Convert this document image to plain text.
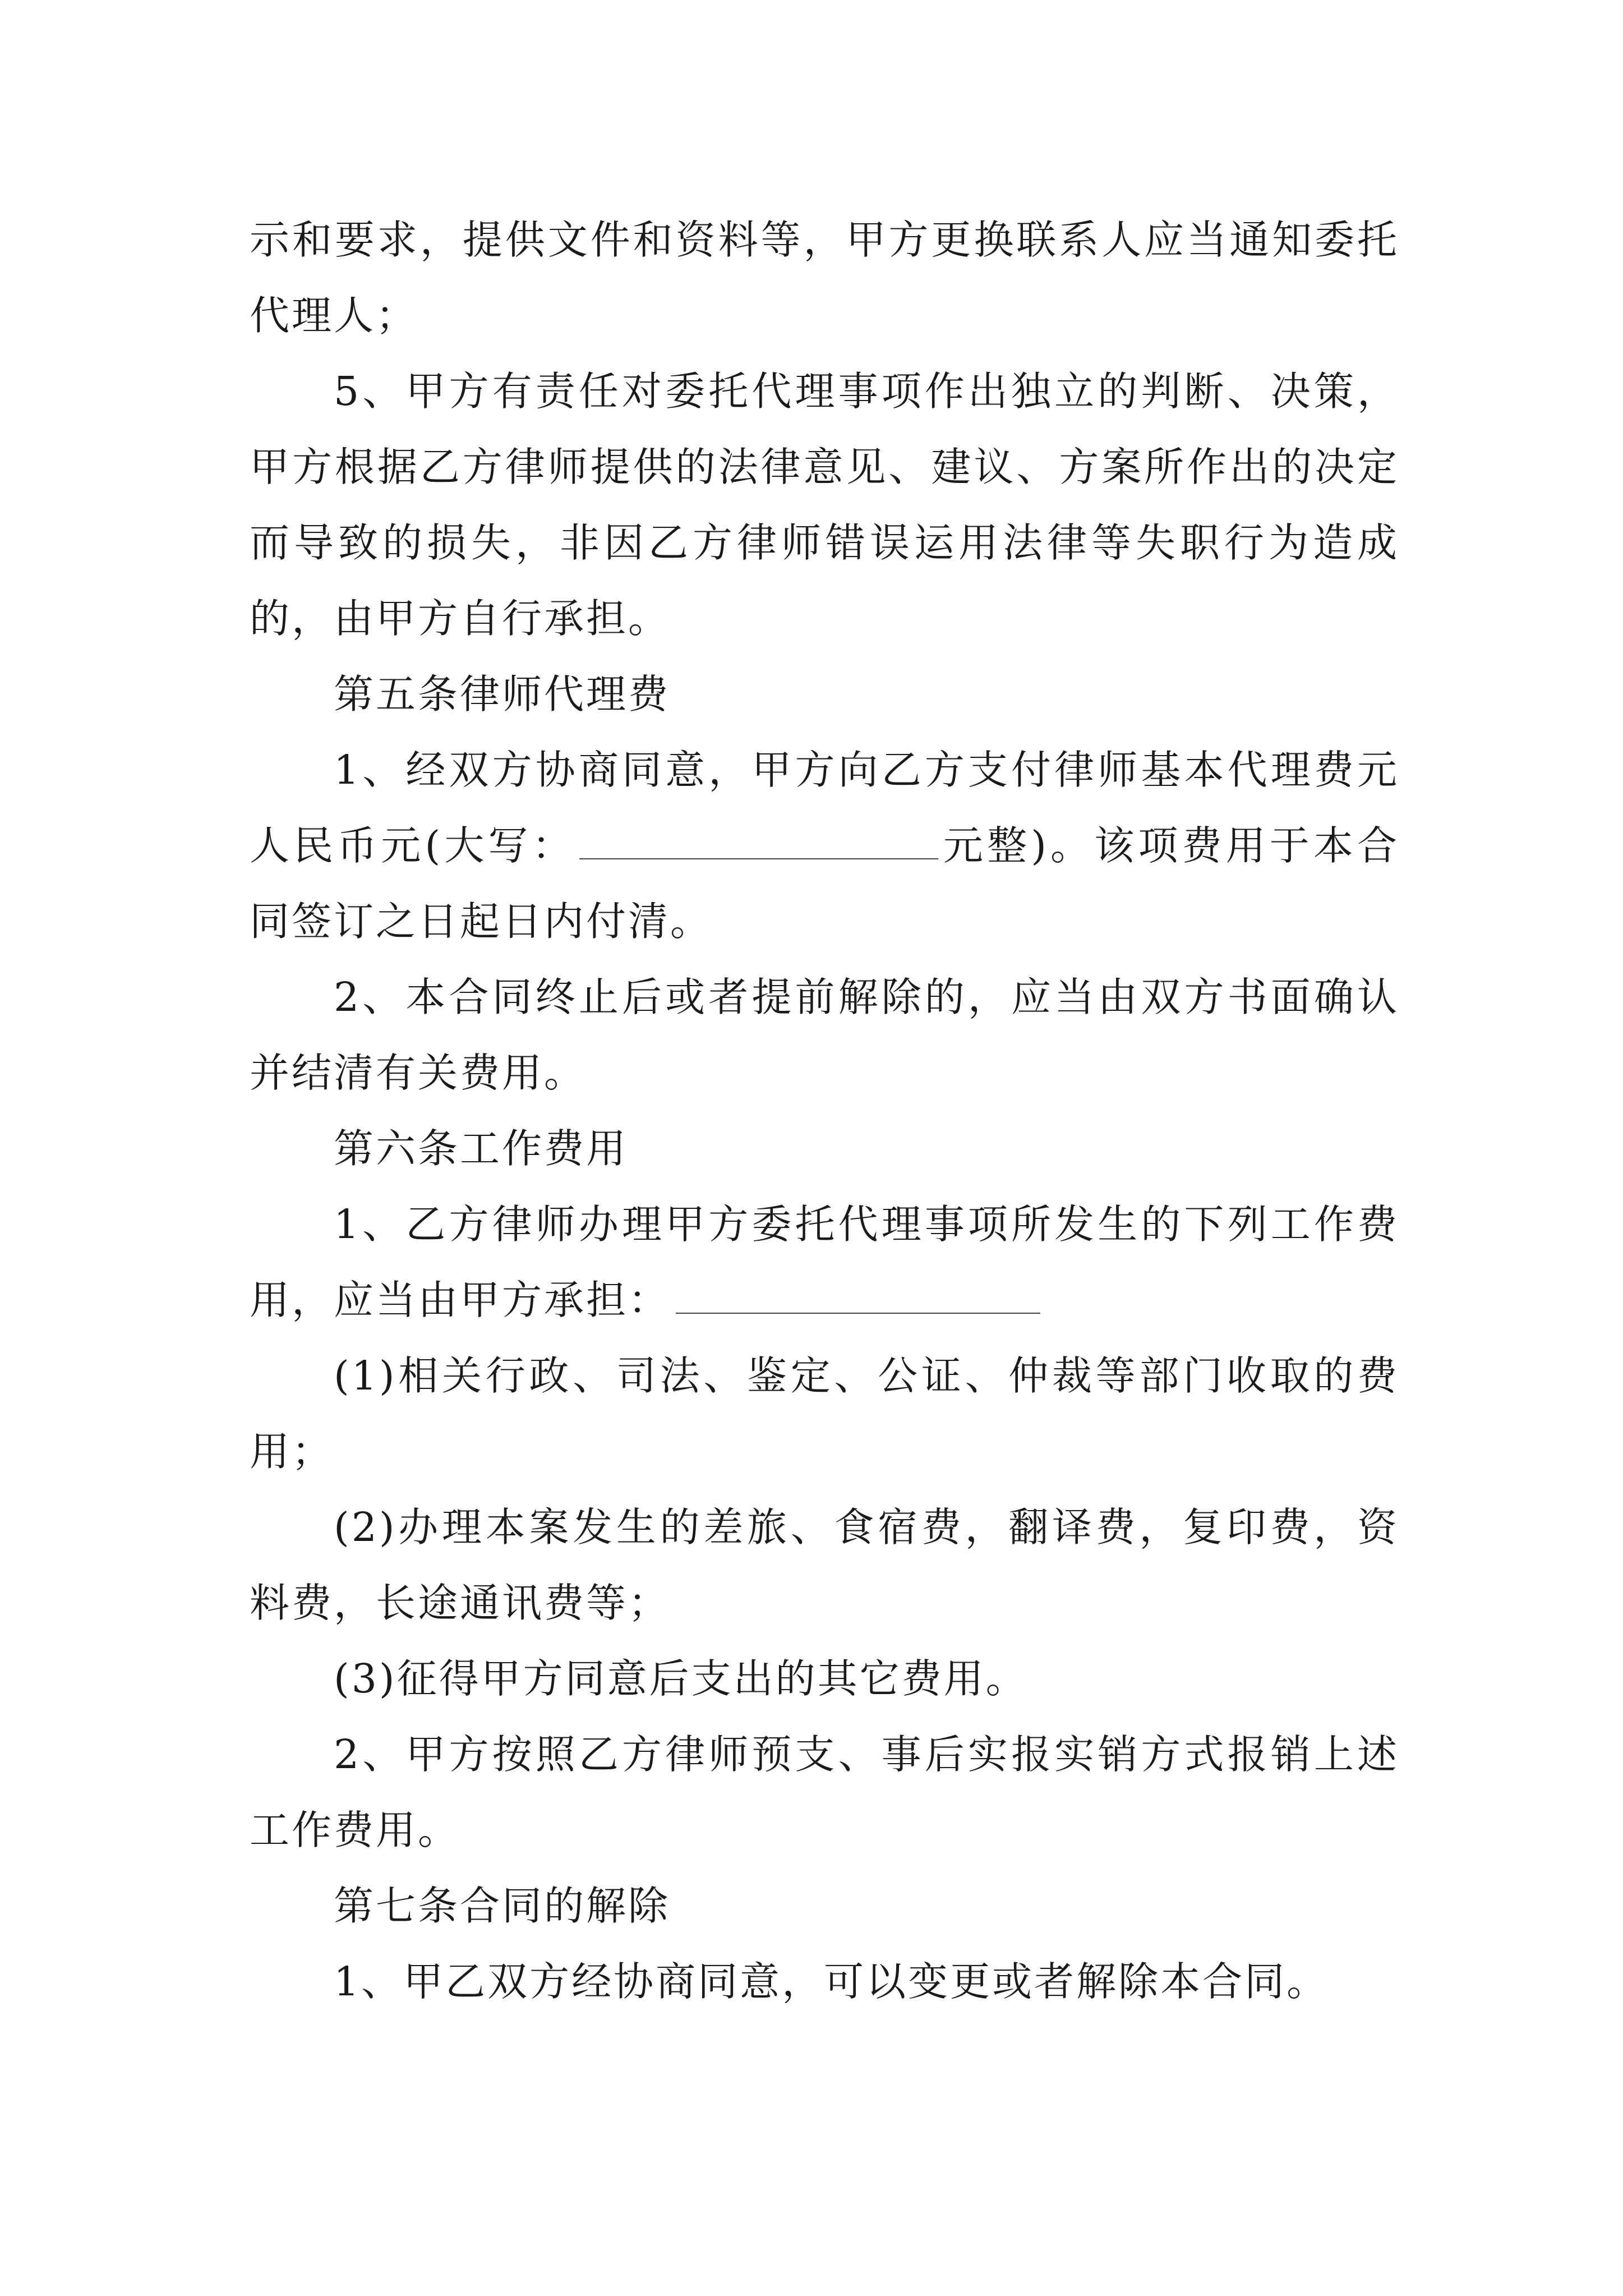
示和要求，提供文件和资料等，甲方更换联系人应当通知委托代理人；

5、甲方有责任对委托代理事项作出独立的判断、决策，甲方根据乙方律师提供的法律意见、建议、方案所作出的决定而导致的损失，非因乙方律师错误运用法律等失职行为造成的，由甲方自行承担。

第五条律师代理费

1、经双方协商同意，甲方向乙方支付律师基本代理费元人民币元(大写：	元整)。该项费用于本合同签订之日起日内付清。

2、本合同终止后或者提前解除的，应当由双方书面确认并结清有关费用。

第六条工作费用

1、乙方律师办理甲方委托代理事项所发生的下列工作费用，应当由甲方承担：

(1)相关行政、司法、鉴定、公证、仲裁等部门收取的费用；

(2)办理本案发生的差旅、食宿费，翻译费，复印费，资料费，长途通讯费等；

(3)征得甲方同意后支出的其它费用。

2、甲方按照乙方律师预支、事后实报实销方式报销上述工作费用。

第七条合同的解除

1、甲乙双方经协商同意，可以变更或者解除本合同。
